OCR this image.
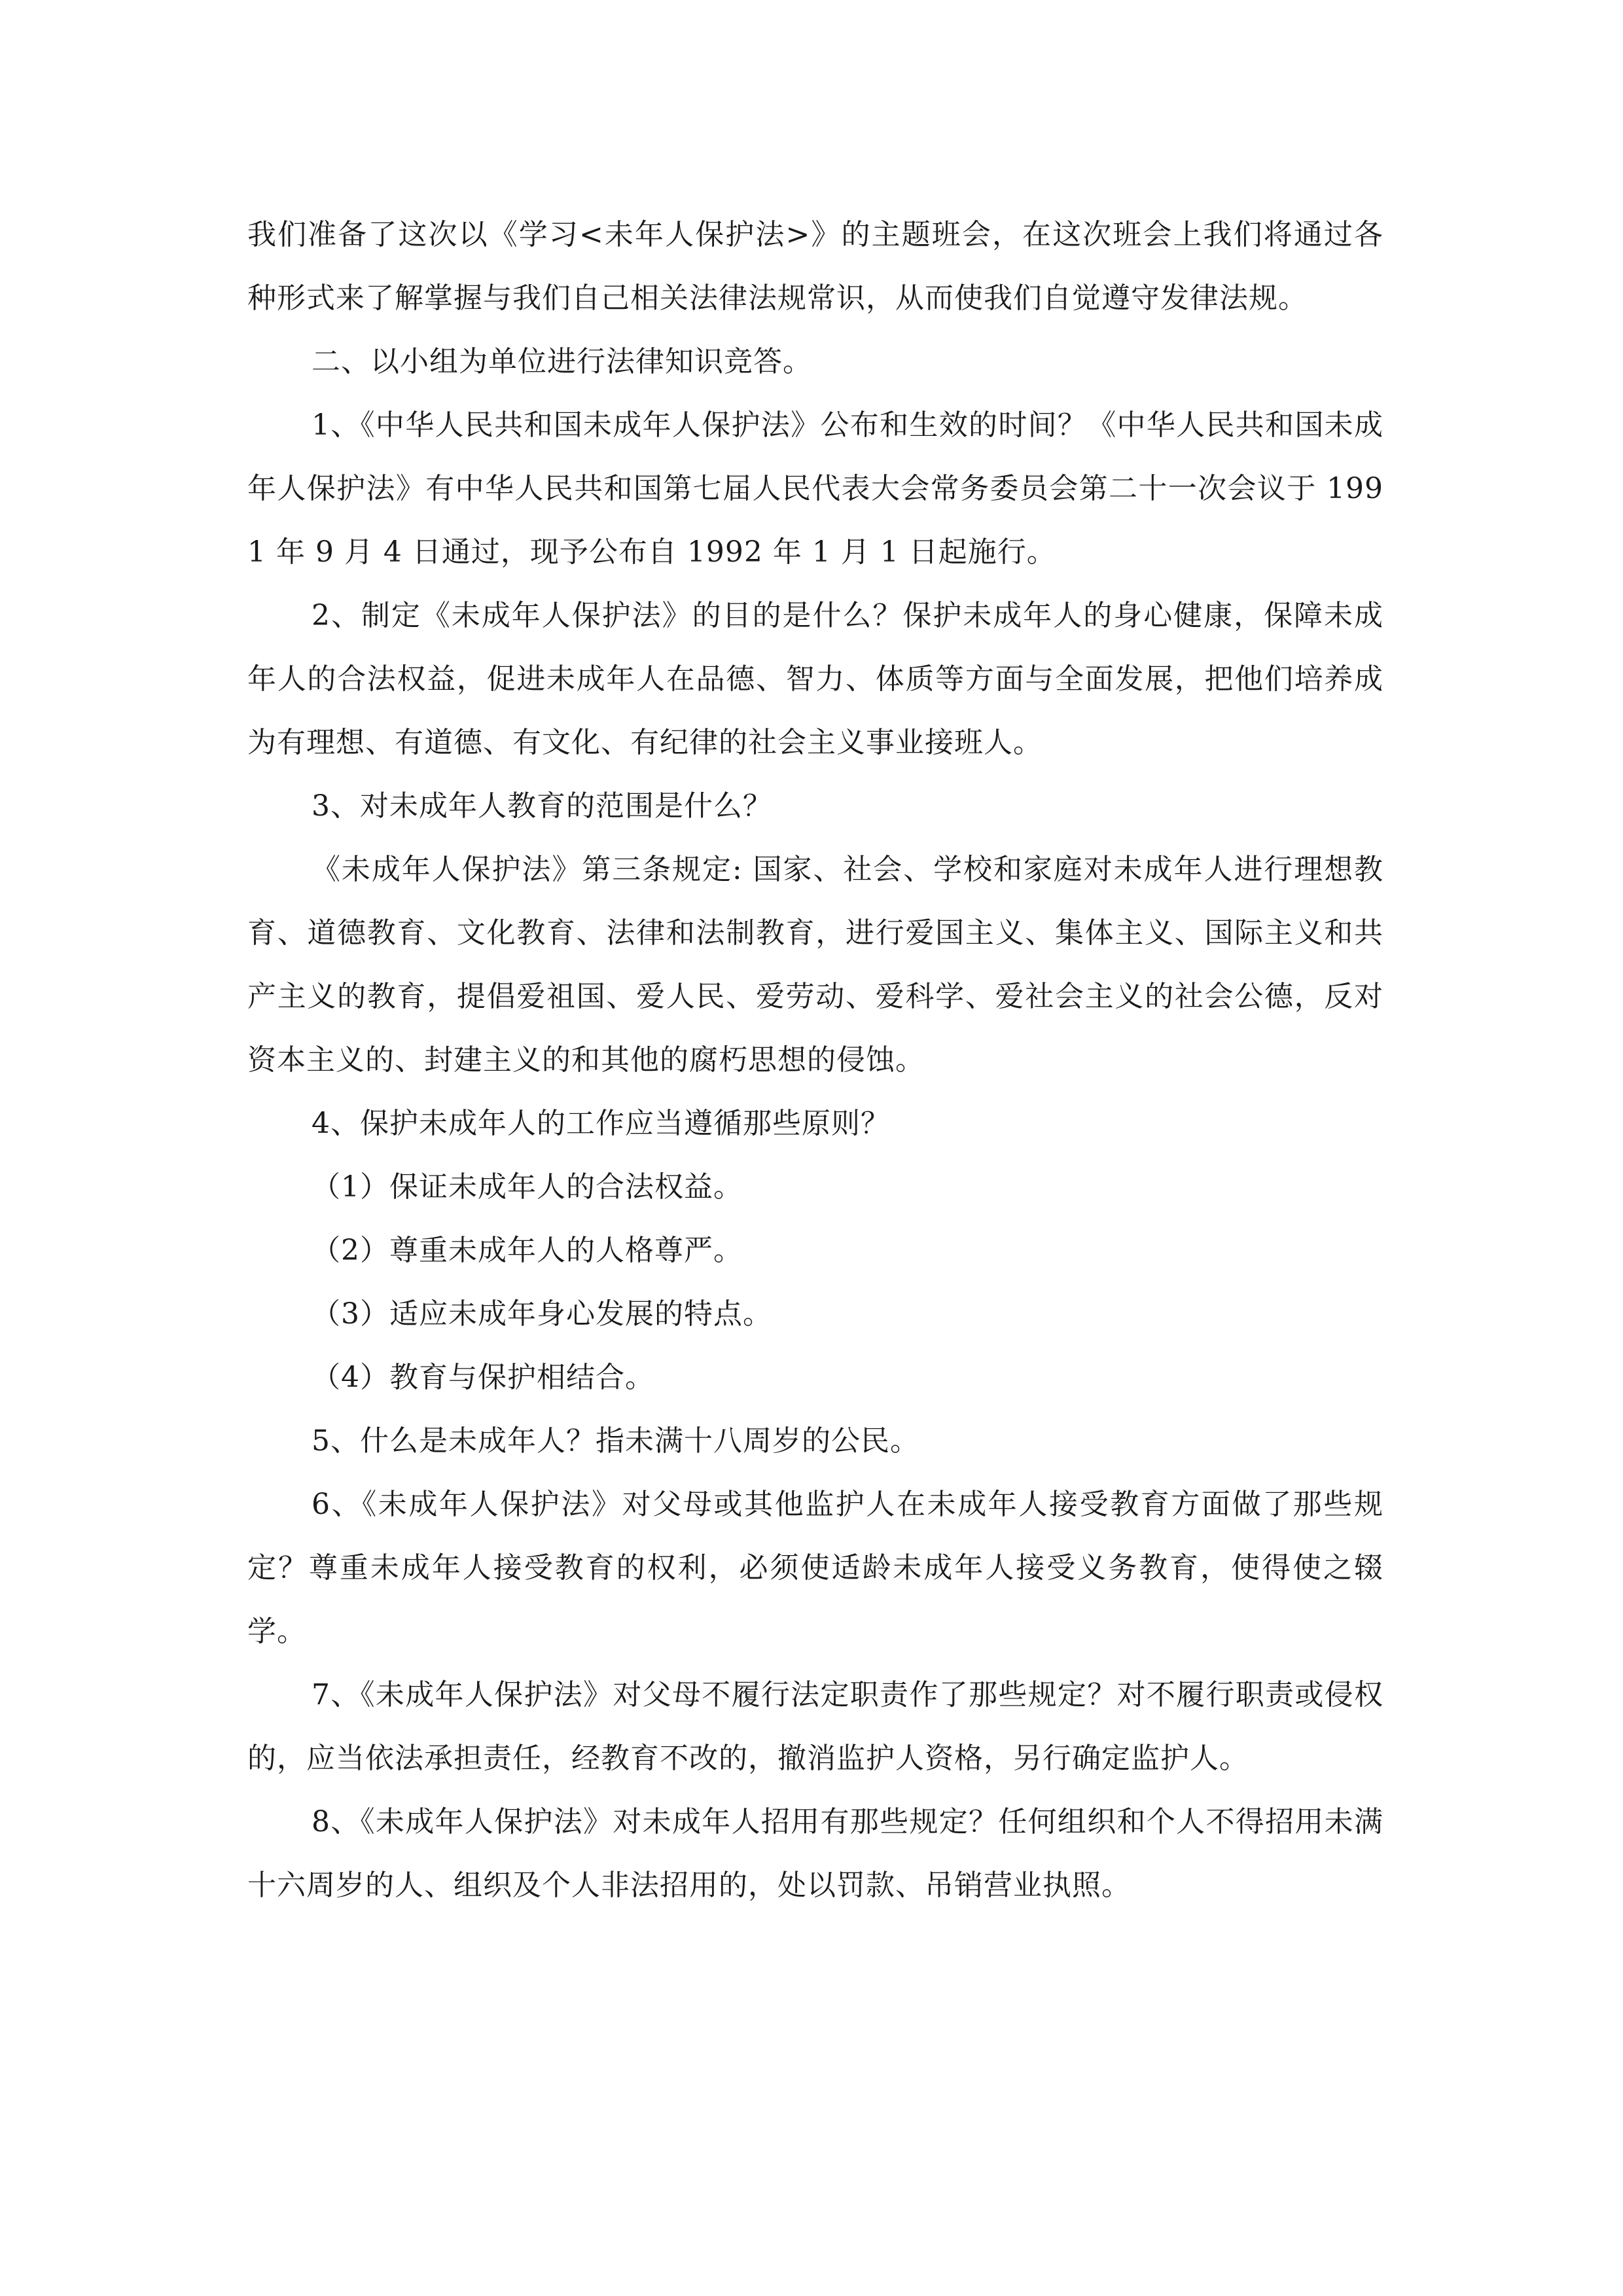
我们准备了这次以《学习<未年人保护法>》的主题班会，在这次班会上我们将通过各种形式来了解掌握与我们自己相关法律法规常识，从而使我们自觉遵守发律法规。

二、以小组为单位进行法律知识竞答。

1、《中华人民共和国未成年人保护法》公布和生效的时间？《中华人民共和国未成年人保护法》有中华人民共和国第七届人民代表大会常务委员会第二十一次会议于 1991 年 9 月 4 日通过，现予公布自 1992 年 1 月 1 日起施行。

2、制定《未成年人保护法》的目的是什么？保护未成年人的身心健康，保障未成年人的合法权益，促进未成年人在品德、智力、体质等方面与全面发展，把他们培养成为有理想、有道德、有文化、有纪律的社会主义事业接班人。

3、对未成年人教育的范围是什么？

《未成年人保护法》第三条规定: 国家、社会、学校和家庭对未成年人进行理想教育、道德教育、文化教育、法律和法制教育，进行爱国主义、集体主义、国际主义和共产主义的教育，提倡爱祖国、爱人民、爱劳动、爱科学、爱社会主义的社会公德，反对资本主义的、封建主义的和其他的腐朽思想的侵蚀。

4、保护未成年人的工作应当遵循那些原则？

（1）保证未成年人的合法权益。

（2）尊重未成年人的人格尊严。

（3）适应未成年身心发展的特点。

（4）教育与保护相结合。

5、什么是未成年人？指未满十八周岁的公民。

6、《未成年人保护法》对父母或其他监护人在未成年人接受教育方面做了那些规定？尊重未成年人接受教育的权利，必须使适龄未成年人接受义务教育，使得使之辍学。

7、《未成年人保护法》对父母不履行法定职责作了那些规定？对不履行职责或侵权的，应当依法承担责任，经教育不改的，撤消监护人资格，另行确定监护人。

8、《未成年人保护法》对未成年人招用有那些规定？任何组织和个人不得招用未满十六周岁的人、组织及个人非法招用的，处以罚款、吊销营业执照。
